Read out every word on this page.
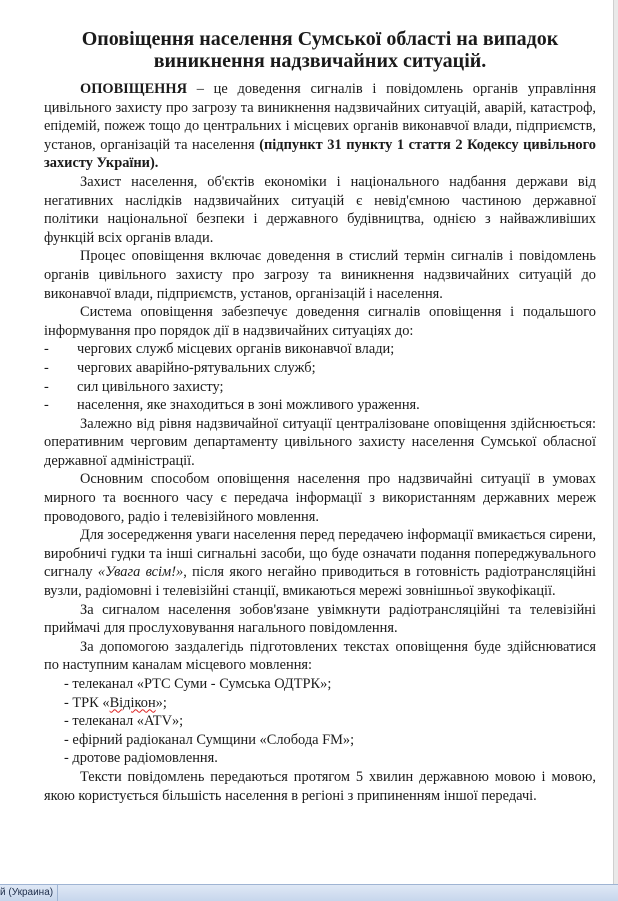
Оповіщення населення Сумської області на випадок виникнення надзвичайних ситуацій.

ОПОВІЩЕННЯ – це доведення сигналів і повідомлень органів управління цивільного захисту про загрозу та виникнення надзвичайних ситуацій, аварій, катастроф, епідемій, пожеж тощо до центральних і місцевих органів виконавчої влади, підприємств, установ, організацій та населення (підпункт 31 пункту 1 стаття 2 Кодексу цивільного захисту України).

Захист населення, об'єктів економіки і національного надбання держави від негативних наслідків надзвичайних ситуацій є невід'ємною частиною державної політики національної безпеки і державного будівництва, однією з найважливіших функцій всіх органів влади.

Процес оповіщення включає доведення в стислий термін сигналів і повідомлень органів цивільного захисту про загрозу та виникнення надзвичайних ситуацій до виконавчої влади, підприємств, установ, організацій і населення.

Система оповіщення забезпечує доведення сигналів оповіщення і подальшого інформування про порядок дії в надзвичайних ситуаціях до:

- чергових служб місцевих органів виконавчої влади;
- чергових аварійно-рятувальних служб;
- сил цивільного захисту;
- населення, яке знаходиться в зоні можливого ураження.

Залежно від рівня надзвичайної ситуації централізоване оповіщення здійснюється: оперативним черговим департаменту цивільного захисту населення Сумської обласної державної адміністрації.

Основним способом оповіщення населення про надзвичайні ситуації в умовах мирного та воєнного часу є передача інформації з використанням державних мереж проводового, радіо і телевізійного мовлення.

Для зосередження уваги населення перед передачею інформації вмикається сирени, виробничі гудки та інші сигнальні засоби, що буде означати подання попереджувального сигналу «Увага всім!», після якого негайно приводиться в готовність радіотрансляційні вузли, радіомовні і телевізійні станції, вмикаються мережі зовнішньої звукофікації.

За сигналом населення зобов'язане увімкнути радіотрансляційні та телевізійні приймачі для прослуховування нагального повідомлення.

За допомогою заздалегідь підготовлених текстах оповіщення буде здійснюватися по наступним каналам місцевого мовлення:

- телеканал «РТС Суми - Сумська ОДТРК»;
- ТРК «Відікон»;
- телеканал «ATV»;
- ефірний радіоканал Сумщини «Слобода FM»;
- дротове радіомовлення.

Тексти повідомлень передаються протягом 5 хвилин державною мовою і мовою, якою користується більшість населення в регіоні з припиненням іншої передачі.

й (Украина)
